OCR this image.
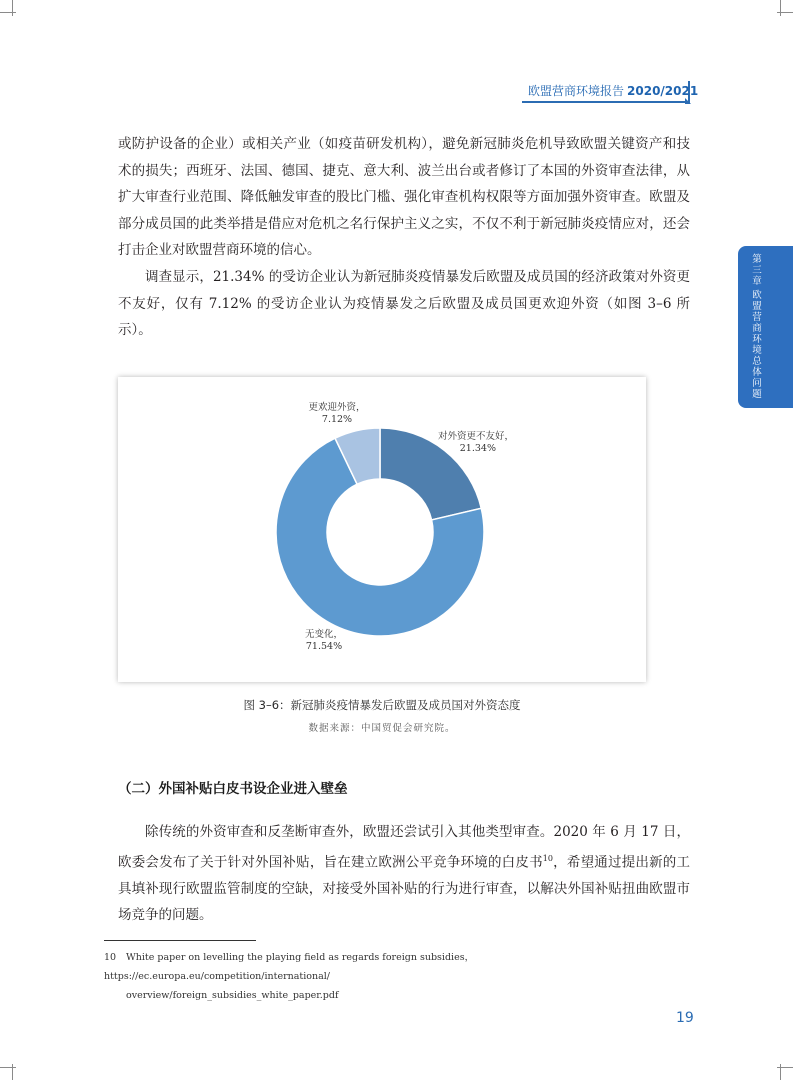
欧盟营商环境报告 2020/2021
第三章
欧盟营商环境总体问题

或防护设备的企业）或相关产业（如疫苗研发机构），避免新冠肺炎危机导致欧盟关键资产和技术的损失；西班牙、法国、德国、捷克、意大利、波兰出台或者修订了本国的外资审查法律，从扩大审查行业范围、降低触发审查的股比门槛、强化审查机构权限等方面加强外资审查。欧盟及部分成员国的此类举措是借应对危机之名行保护主义之实，不仅不利于新冠肺炎疫情应对，还会打击企业对欧盟营商环境的信心。

调查显示，21.34% 的受访企业认为新冠肺炎疫情暴发后欧盟及成员国的经济政策对外资更不友好，仅有 7.12% 的受访企业认为疫情暴发之后欧盟及成员国更欢迎外资（如图 3–6 所示）。

对外资更不友好，
21.34%
无变化，
71.54%
更欢迎外资，
7.12%
图 3–6：新冠肺炎疫情暴发后欧盟及成员国对外资态度
数据来源：中国贸促会研究院。
（二）外国补贴白皮书设企业进入壁垒

除传统的外资审查和反垄断审查外，欧盟还尝试引入其他类型审查。2020 年 6 月 17 日，欧委会发布了关于针对外国补贴，旨在建立欧洲公平竞争环境的白皮书$^{10}$，希望通过提出新的工具填补现行欧盟监管制度的空缺，对接受外国补贴的行为进行审查，以解决外国补贴扭曲欧盟市场竞争的问题。

10 White paper on levelling the playing field as regards foreign subsidies，https://ec.europa.eu/competition/international/
overview/foreign_subsidies_white_paper.pdf
19
